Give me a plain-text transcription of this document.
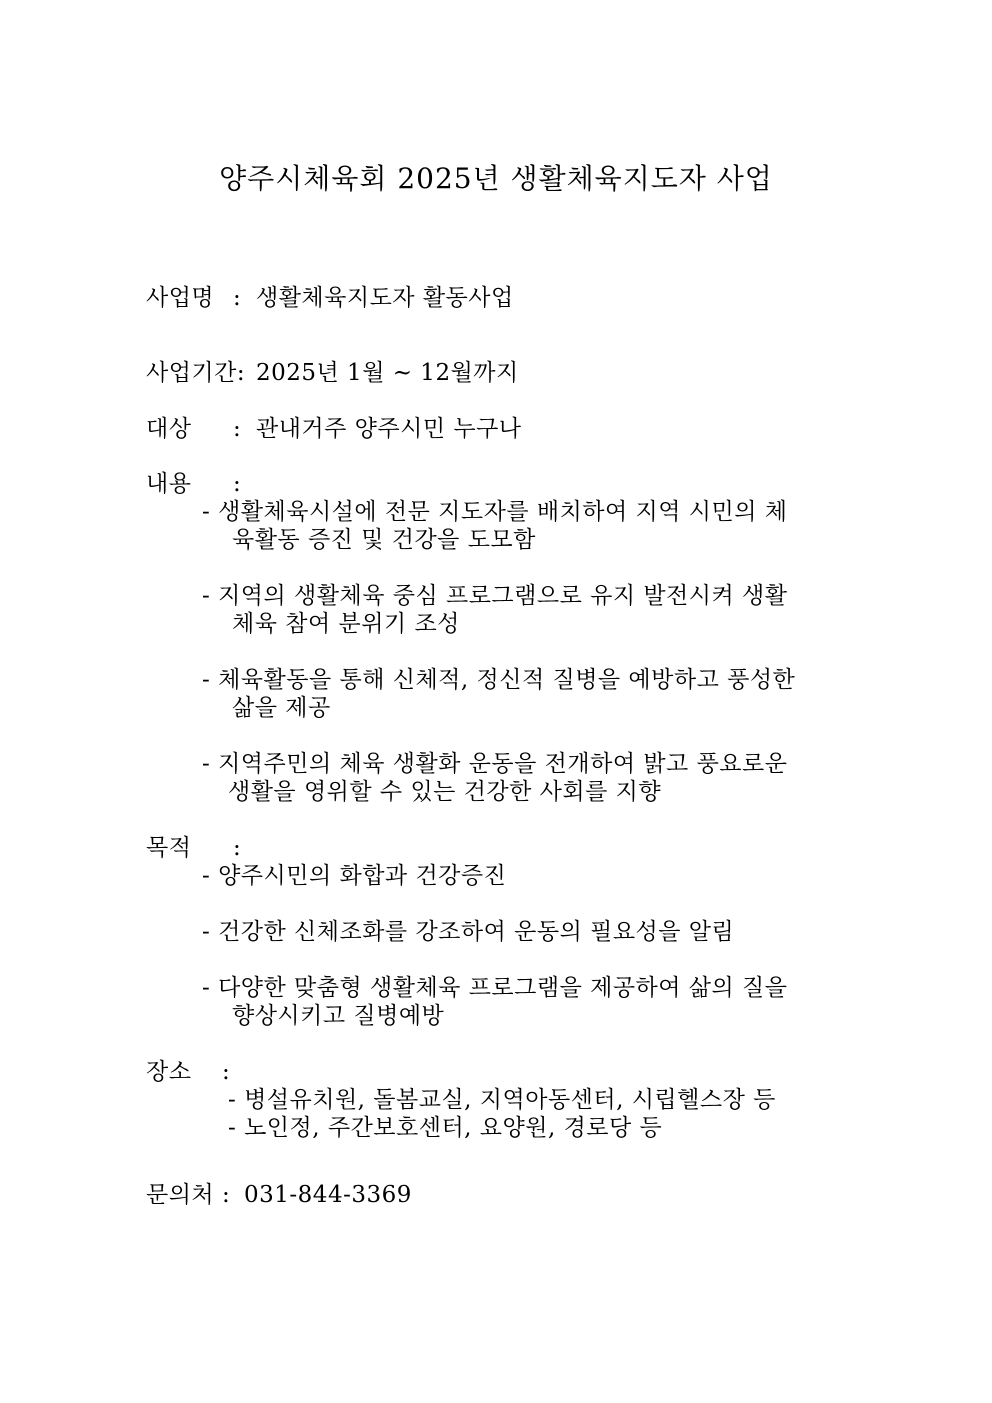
양주시체육회 2025년 생활체육지도자 사업
사업명 : 생활체육지도자 활동사업
사업기간: 2025년 1월 ~ 12월까지
대상 : 관내거주 양주시민 누구나
내용 :
- 생활체육시설에 전문 지도자를 배치하여 지역 시민의 체
육활동 증진 및 건강을 도모함
- 지역의 생활체육 중심 프로그램으로 유지 발전시켜 생활
체육 참여 분위기 조성
- 체육활동을 통해 신체적, 정신적 질병을 예방하고 풍성한
삶을 제공
- 지역주민의 체육 생활화 운동을 전개하여 밝고 풍요로운
생활을 영위할 수 있는 건강한 사회를 지향
목적 :
- 양주시민의 화합과 건강증진
- 건강한 신체조화를 강조하여 운동의 필요성을 알림
- 다양한 맞춤형 생활체육 프로그램을 제공하여 삶의 질을
향상시키고 질병예방
장소 :
- 병설유치원, 돌봄교실, 지역아동센터, 시립헬스장 등
- 노인정, 주간보호센터, 요양원, 경로당 등
문의처 : 031-844-3369
